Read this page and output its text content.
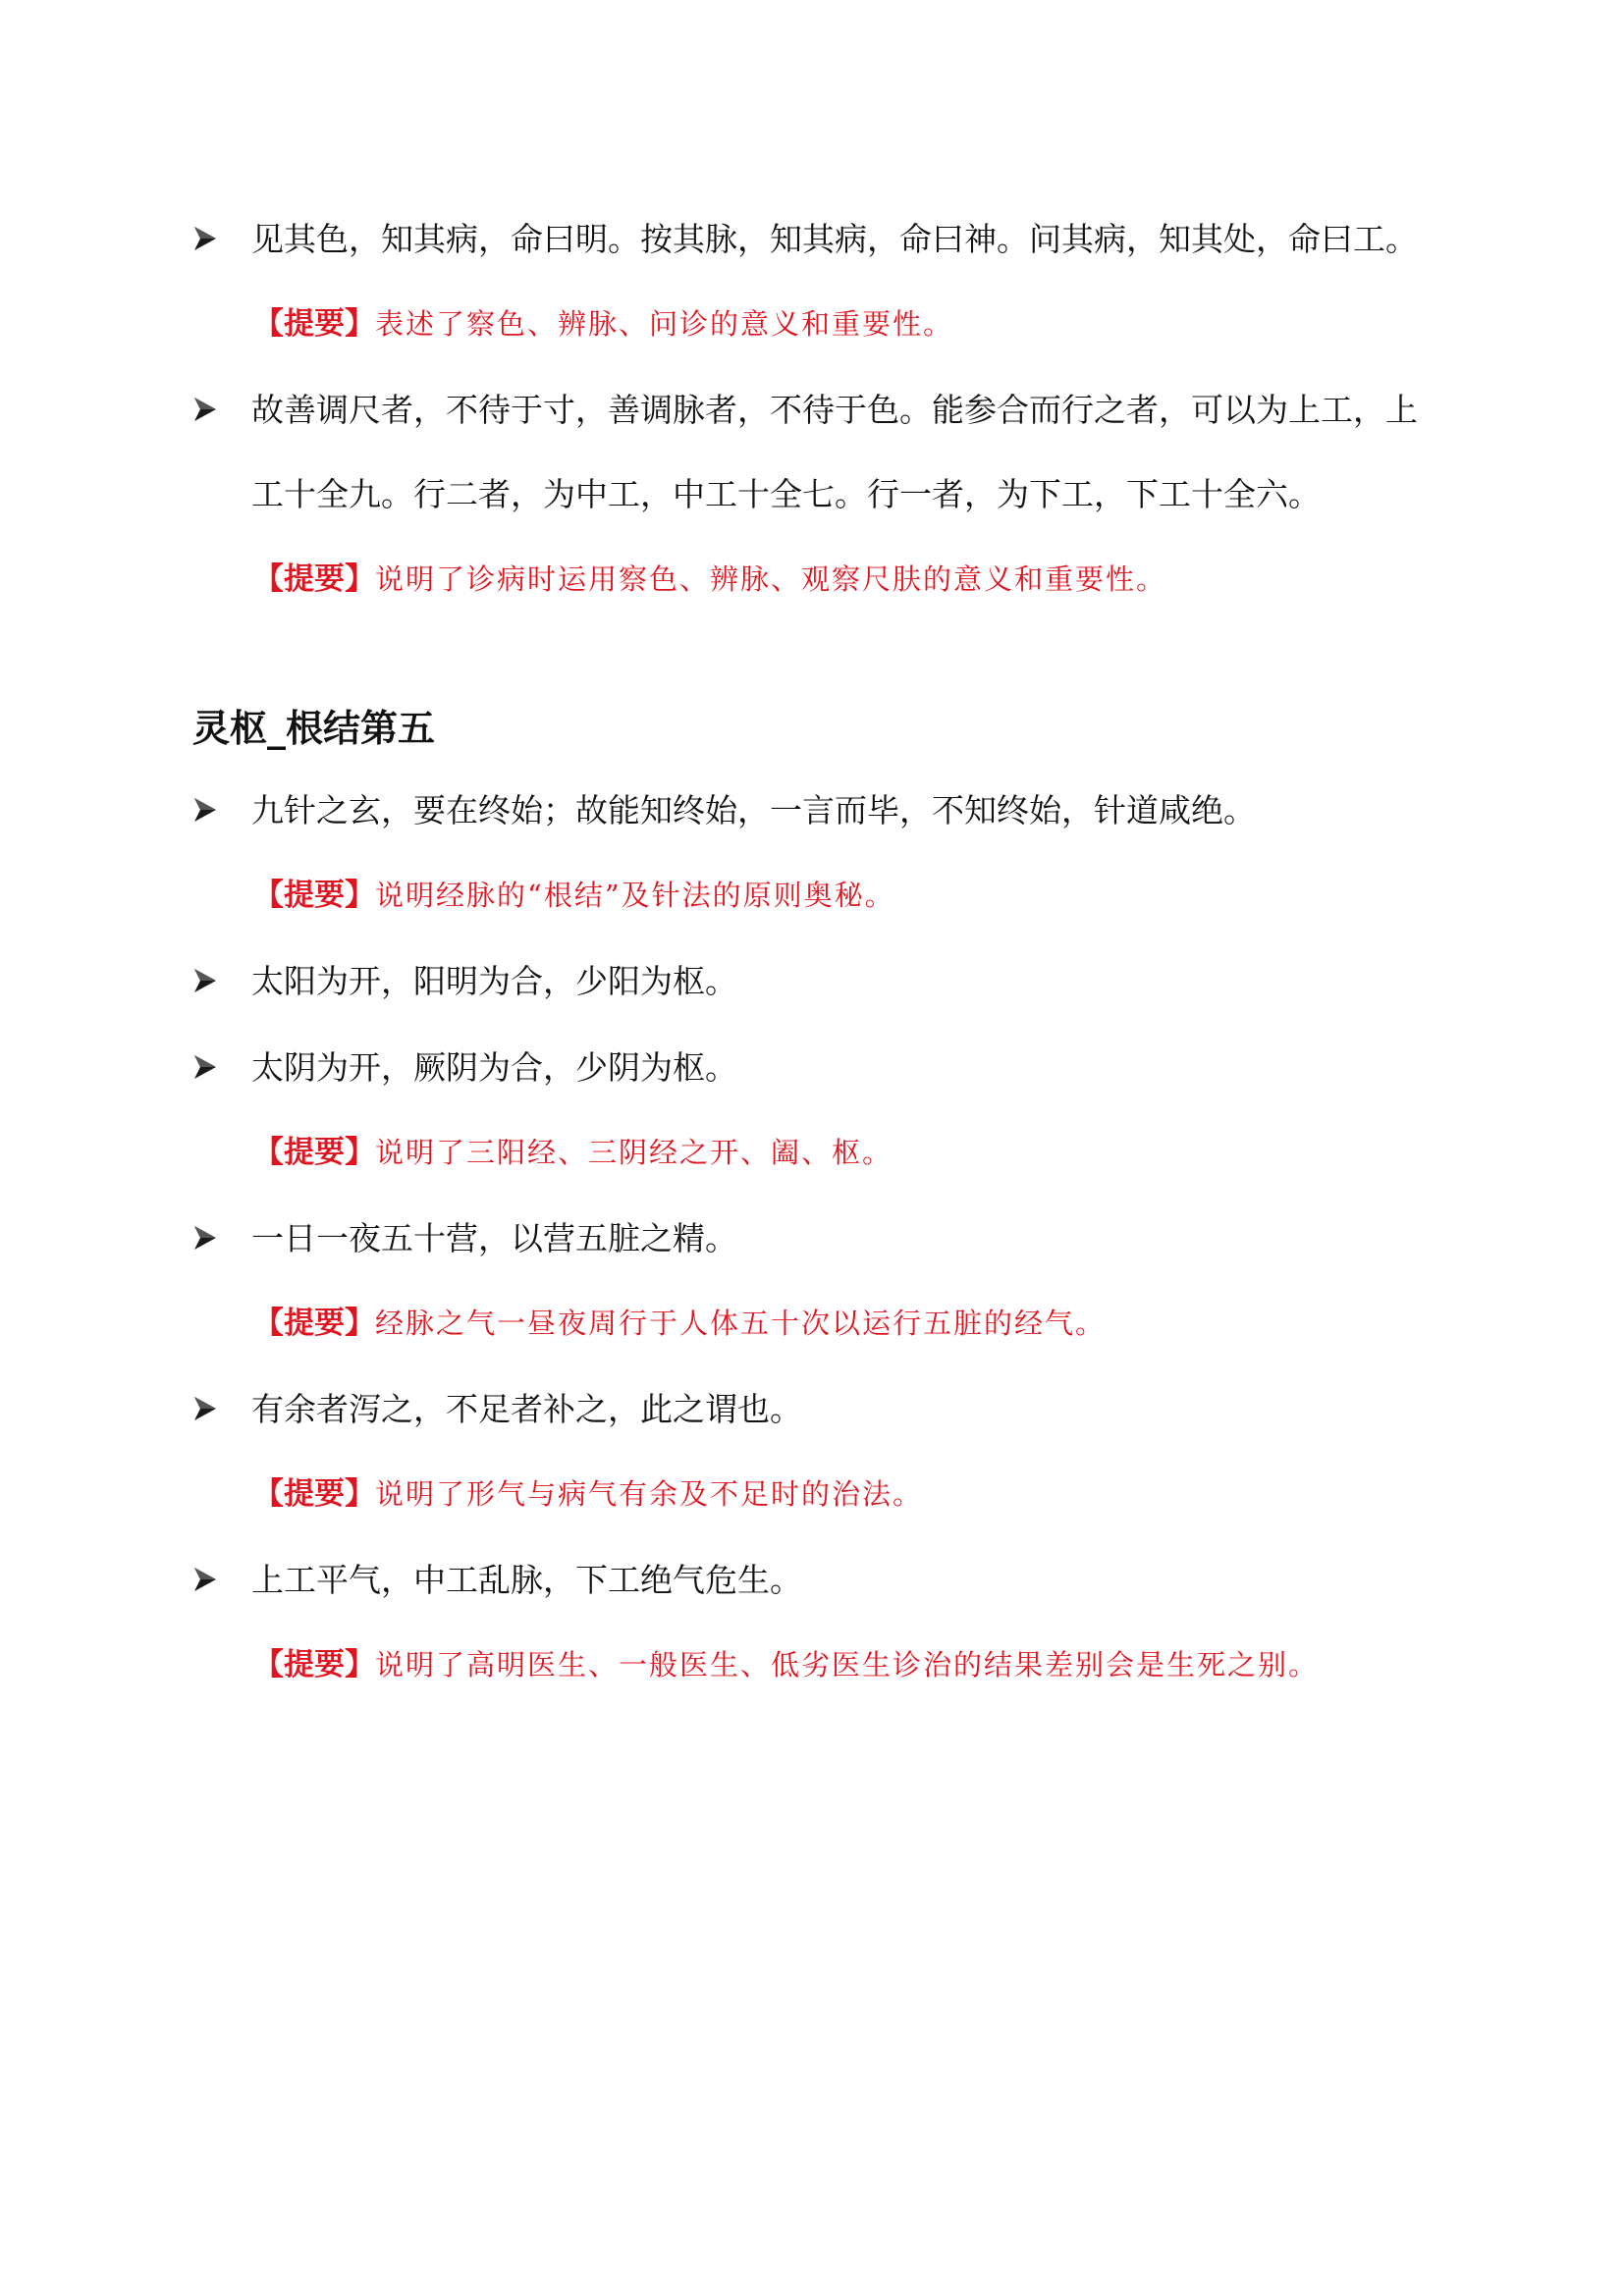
见其色，知其病，命曰明。按其脉，知其病，命曰神。问其病，知其处，命曰工。
【提要】表述了察色、辨脉、问诊的意义和重要性。
故善调尺者，不待于寸，善调脉者，不待于色。能参合而行之者，可以为上工，上
工十全九。行二者，为中工，中工十全七。行一者，为下工，下工十全六。
【提要】说明了诊病时运用察色、辨脉、观察尺肤的意义和重要性。
灵枢_根结第五
九针之玄，要在终始；故能知终始，一言而毕，不知终始，针道咸绝。
【提要】说明经脉的“根结”及针法的原则奥秘。
太阳为开，阳明为合，少阳为枢。
太阴为开，厥阴为合，少阴为枢。
【提要】说明了三阳经、三阴经之开、阖、枢。
一日一夜五十营，以营五脏之精。
【提要】经脉之气一昼夜周行于人体五十次以运行五脏的经气。
有余者泻之，不足者补之，此之谓也。
【提要】说明了形气与病气有余及不足时的治法。
上工平气，中工乱脉，下工绝气危生。
【提要】说明了高明医生、一般医生、低劣医生诊治的结果差别会是生死之别。
